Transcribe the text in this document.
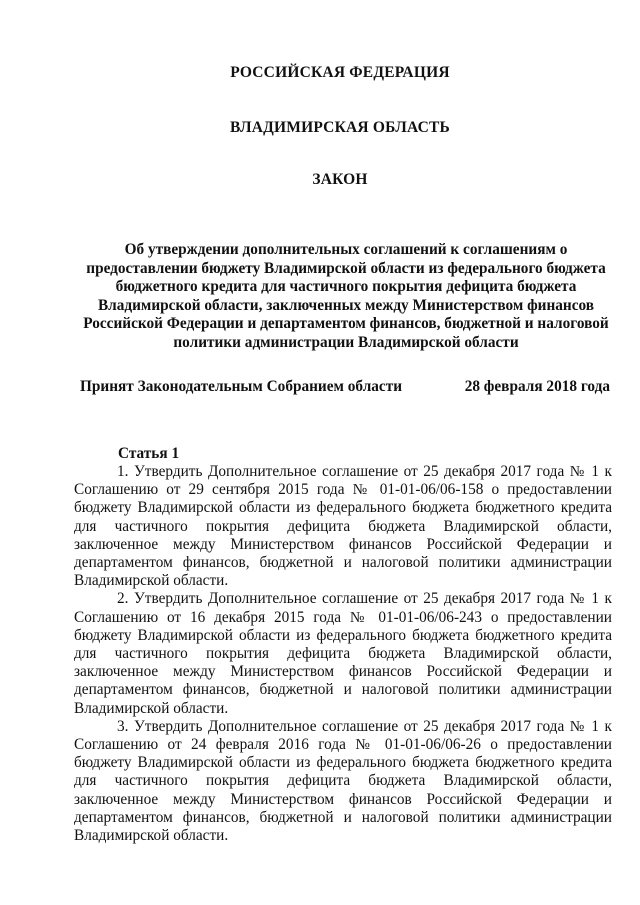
РОССИЙСКАЯ ФЕДЕРАЦИЯ
ВЛАДИМИРСКАЯ ОБЛАСТЬ
ЗАКОН
Об утверждении дополнительных соглашений к соглашениям о предоставлении бюджету Владимирской области из федерального бюджета бюджетного кредита для частичного покрытия дефицита бюджета Владимирской области, заключенных между Министерством финансов Российской Федерации и департаментом финансов, бюджетной и налоговой политики администрации Владимирской области
Принят Законодательным Собранием области	28 февраля 2018 года
Статья 1

1. Утвердить Дополнительное соглашение от 25 декабря 2017 года № 1 к Соглашению от 29 сентября 2015 года № 01-01-06/06-158 о предоставлении бюджету Владимирской области из федерального бюджета бюджетного кредита для частичного покрытия дефицита бюджета Владимирской области, заключенное между Министерством финансов Российской Федерации и департаментом финансов, бюджетной и налоговой политики администрации Владимирской области.

2. Утвердить Дополнительное соглашение от 25 декабря 2017 года № 1 к Соглашению от 16 декабря 2015 года № 01-01-06/06-243 о предоставлении бюджету Владимирской области из федерального бюджета бюджетного кредита для частичного покрытия дефицита бюджета Владимирской области, заключенное между Министерством финансов Российской Федерации и департаментом финансов, бюджетной и налоговой политики администрации Владимирской области.

3. Утвердить Дополнительное соглашение от 25 декабря 2017 года № 1 к Соглашению от 24 февраля 2016 года № 01-01-06/06-26 о предоставлении бюджету Владимирской области из федерального бюджета бюджетного кредита для частичного покрытия дефицита бюджета Владимирской области, заключенное между Министерством финансов Российской Федерации и департаментом финансов, бюджетной и налоговой политики администрации Владимирской области.
